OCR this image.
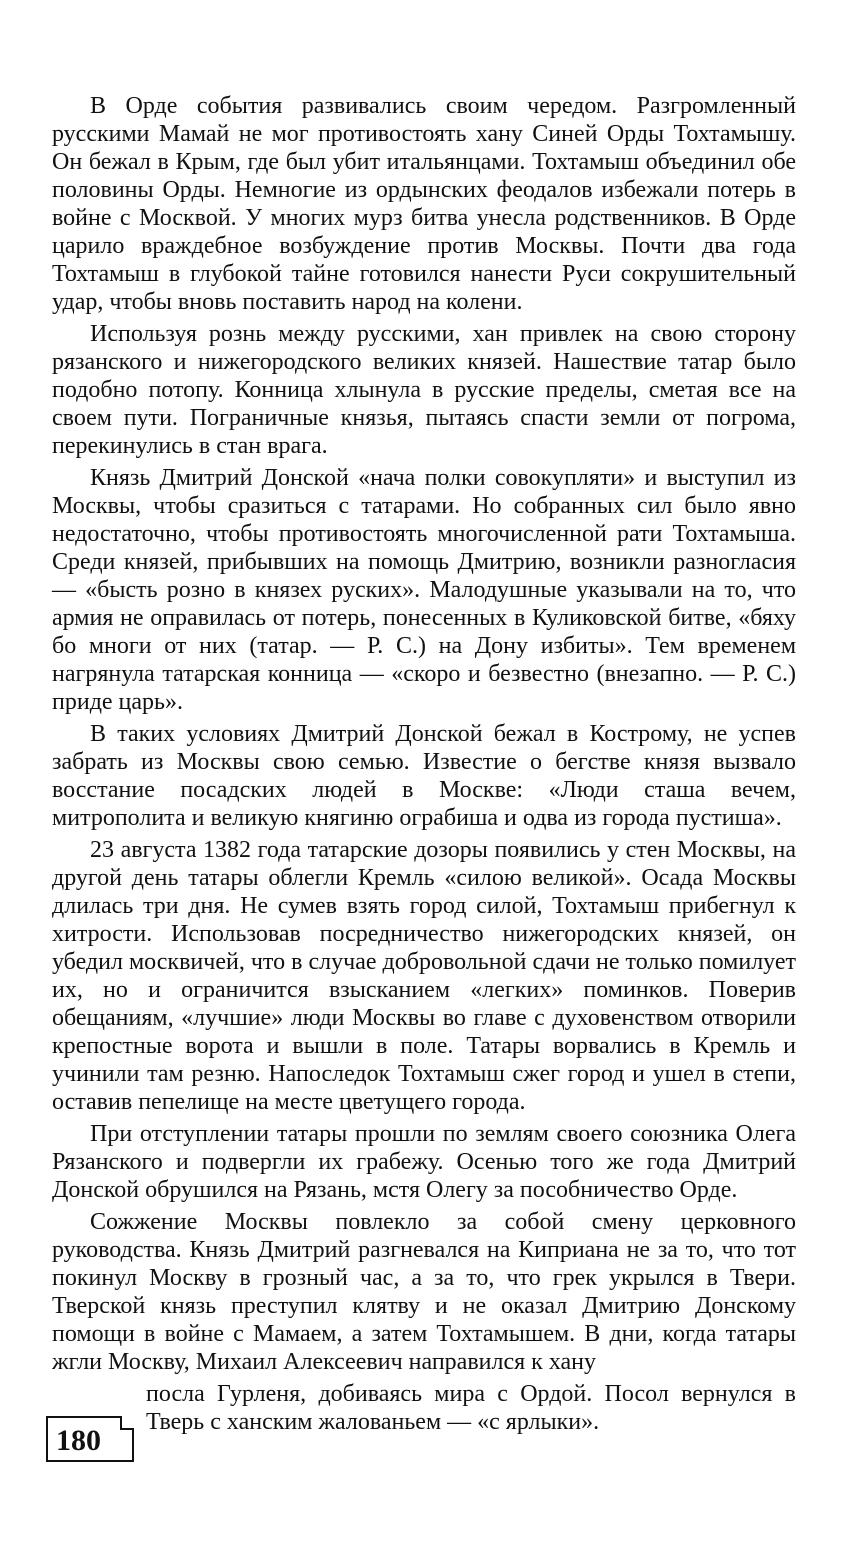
В Орде события развивались своим чередом. Разгромленный русскими Мамай не мог противостоять хану Синей Орды Тохтамышу. Он бежал в Крым, где был убит итальянцами. Тохтамыш объединил обе половины Орды. Немногие из ордынских феодалов избежали потерь в войне с Москвой. У многих мурз битва унесла родственников. В Орде царило враждебное возбуждение против Москвы. Почти два года Тохтамыш в глубокой тайне готовился нанести Руси сокрушительный удар, чтобы вновь поставить народ на колени.

Используя рознь между русскими, хан привлек на свою сторону рязанского и нижегородского великих князей. Нашествие татар было подобно потопу. Конница хлынула в русские пределы, сметая все на своем пути. Пограничные князья, пытаясь спасти земли от погрома, перекинулись в стан врага.

Князь Дмитрий Донской «нача полки совокупляти» и выступил из Москвы, чтобы сразиться с татарами. Но собранных сил было явно недостаточно, чтобы противостоять многочисленной рати Тохтамыша. Среди князей, прибывших на помощь Дмитрию, возникли разногласия — «бысть розно в князех руских». Малодушные указывали на то, что армия не оправилась от потерь, понесенных в Куликовской битве, «бяху бо многи от них (татар. — Р. С.) на Дону избиты». Тем временем нагрянула татарская конница — «скоро и безвестно (внезапно. — Р. С.) приде царь».

В таких условиях Дмитрий Донской бежал в Кострому, не успев забрать из Москвы свою семью. Известие о бегстве князя вызвало восстание посадских людей в Москве: «Люди сташа вечем, митрополита и великую княгиню ограбиша и одва из города пустиша».

23 августа 1382 года татарские дозоры появились у стен Москвы, на другой день татары облегли Кремль «силою великой». Осада Москвы длилась три дня. Не сумев взять город силой, Тохтамыш прибегнул к хитрости. Использовав посредничество нижегородских князей, он убедил москвичей, что в случае добровольной сдачи не только помилует их, но и ограничится взысканием «легких» поминков. Поверив обещаниям, «лучшие» люди Москвы во главе с духовенством отворили крепостные ворота и вышли в поле. Татары ворвались в Кремль и учинили там резню. Напоследок Тохтамыш сжег город и ушел в степи, оставив пепелище на месте цветущего города.

При отступлении татары прошли по землям своего союзника Олега Рязанского и подвергли их грабежу. Осенью того же года Дмитрий Донской обрушился на Рязань, мстя Олегу за пособничество Орде.

Сожжение Москвы повлекло за собой смену церковного руководства. Князь Дмитрий разгневался на Киприана не за то, что тот покинул Москву в грозный час, а за то, что грек укрылся в Твери. Тверской князь преступил клятву и не оказал Дмитрию Донскому помощи в войне с Мамаем, а затем Тохтамышем. В дни, когда татары жгли Москву, Михаил Алексеевич направился к хану

посла Гурленя, добиваясь мира с Ордой. Посол вернулся в Тверь с ханским жалованьем — «с ярлыки».

180
